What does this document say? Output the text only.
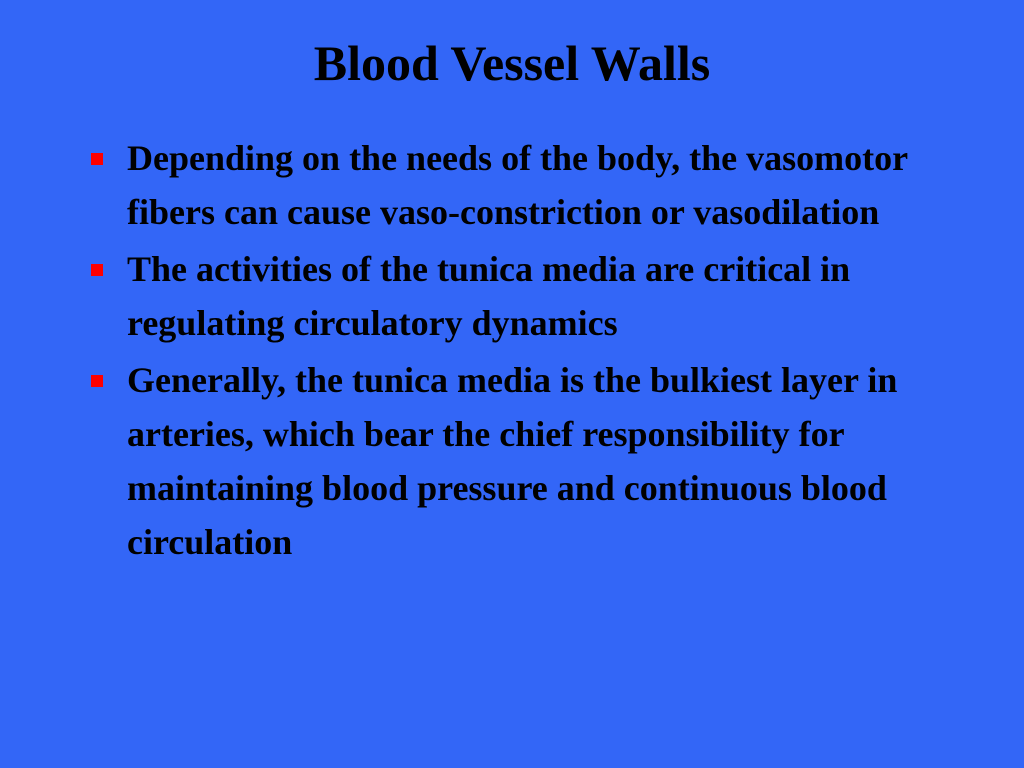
Blood Vessel Walls
Depending on the needs of the body, the vasomotor fibers can cause vaso-constriction or vasodilation
The activities of the tunica media are critical in regulating circulatory dynamics
Generally, the tunica media is the bulkiest layer in arteries, which bear the chief responsibility for maintaining blood pressure and continuous blood circulation
